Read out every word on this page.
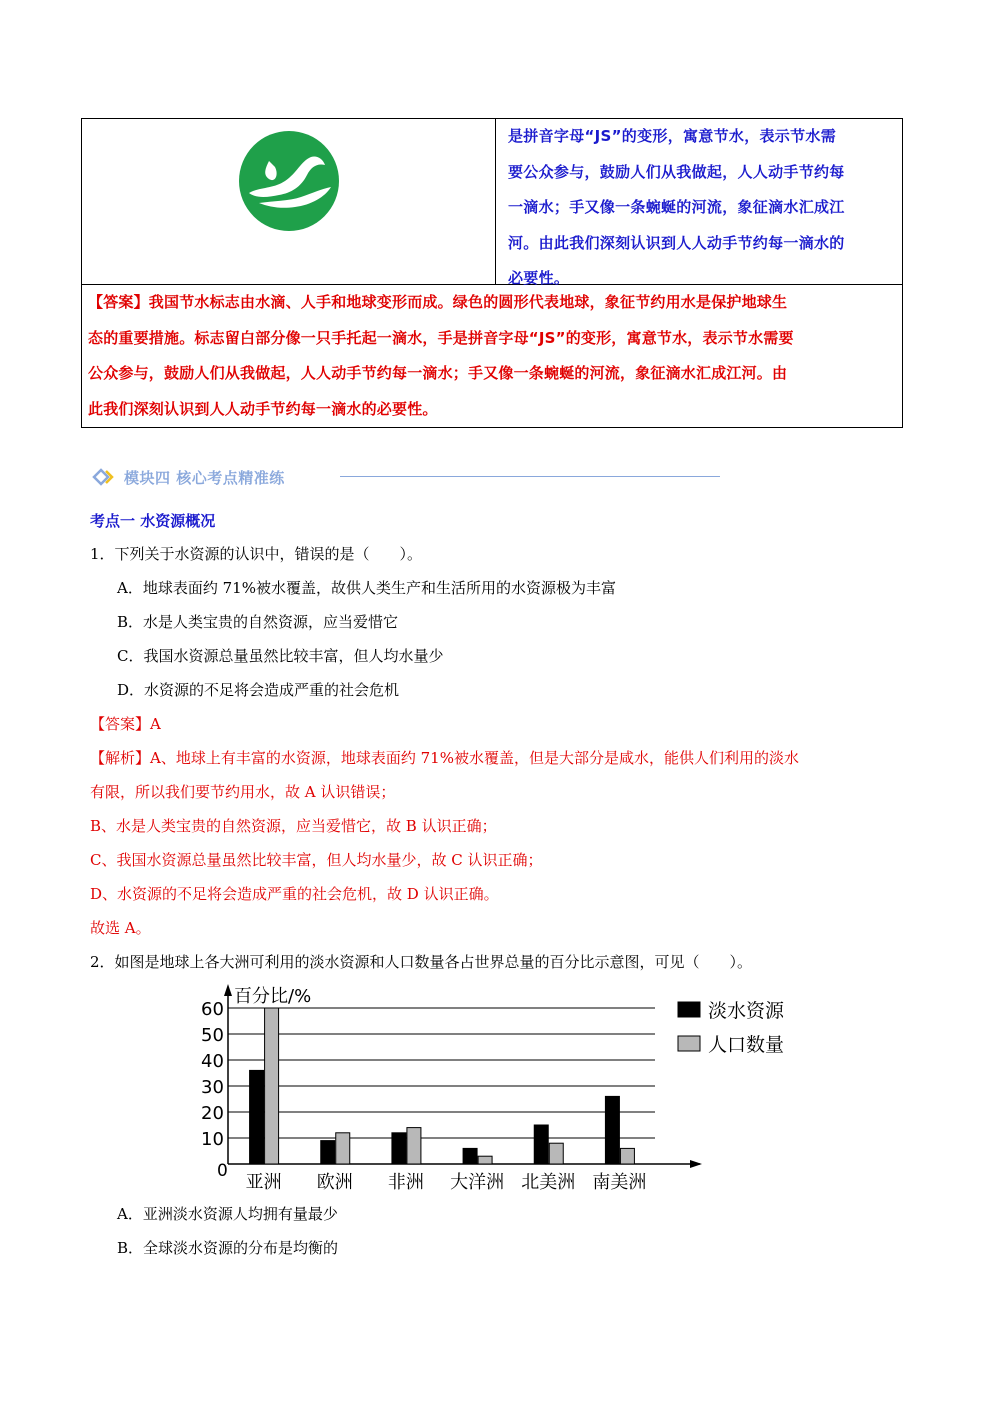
是拼音字母“JS”的变形，寓意节水，表示节水需

要公众参与，鼓励人们从我做起，人人动手节约每

一滴水；手又像一条蜿蜒的河流，象征滴水汇成江

河。由此我们深刻认识到人人动手节约每一滴水的

必要性。

【答案】我国节水标志由水滴、人手和地球变形而成。绿色的圆形代表地球，象征节约用水是保护地球生

态的重要措施。标志留白部分像一只手托起一滴水，手是拼音字母“JS”的变形，寓意节水，表示节水需要

公众参与，鼓励人们从我做起，人人动手节约每一滴水；手又像一条蜿蜒的河流，象征滴水汇成江河。由

此我们深刻认识到人人动手节约每一滴水的必要性。

模块四 核心考点精准练
考点一 水资源概况
1．下列关于水资源的认识中，错误的是（　　）。
A．地球表面约 71%被水覆盖，故供人类生产和生活所用的水资源极为丰富
B．水是人类宝贵的自然资源，应当爱惜它
C．我国水资源总量虽然比较丰富，但人均水量少
D．水资源的不足将会造成严重的社会危机
【答案】A
【解析】A、地球上有丰富的水资源，地球表面约 71%被水覆盖，但是大部分是咸水，能供人们利用的淡水
有限，所以我们要节约用水，故 A 认识错误；
B、水是人类宝贵的自然资源，应当爱惜它，故 B 认识正确；
C、我国水资源总量虽然比较丰富，但人均水量少，故 C 认识正确；
D、水资源的不足将会造成严重的社会危机，故 D 认识正确。
故选 A。
2．如图是地球上各大洲可利用的淡水资源和人口数量各占世界总量的百分比示意图，可见（　　）。
百分比/%
0
10
20
30
40
50
60
亚洲 欧洲 非洲 大洋洲 北美洲 南美洲
淡水资源
人口数量
A．亚洲淡水资源人均拥有量最少
B．全球淡水资源的分布是均衡的
